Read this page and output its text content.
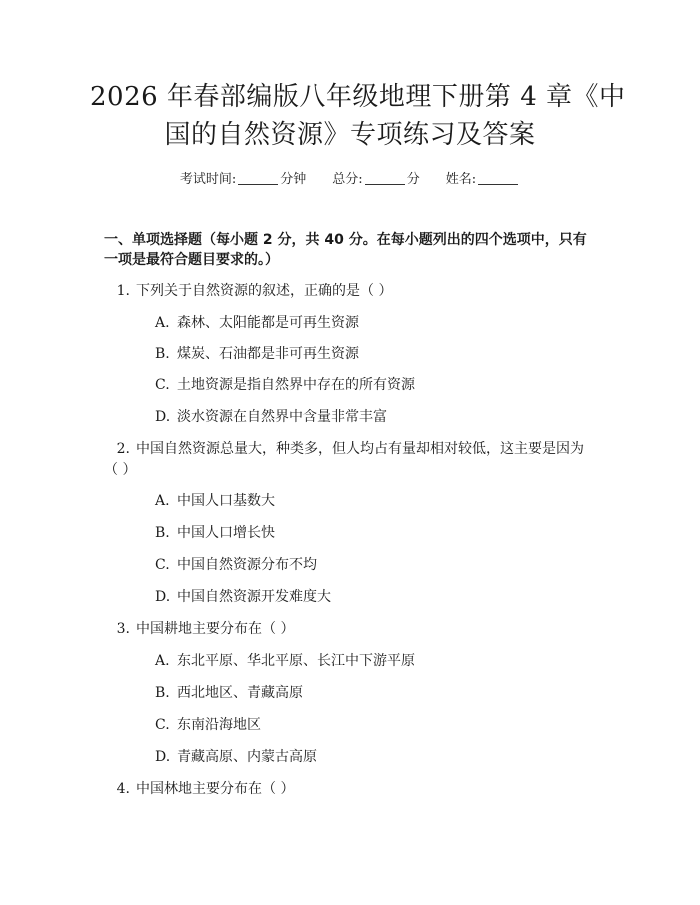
2026 年春部编版八年级地理下册第 4 章《中
国的自然资源》专项练习及答案
考试时间:	分钟 总分:	分 姓名:
一、单项选择题（每小题 2 分，共 40 分。在每小题列出的四个选项中，只有一项是最符合题目要求的。）
1. 下列关于自然资源的叙述，正确的是（ ）
A. 森林、太阳能都是可再生资源
B. 煤炭、石油都是非可再生资源
C. 土地资源是指自然界中存在的所有资源
D. 淡水资源在自然界中含量非常丰富
2. 中国自然资源总量大，种类多，但人均占有量却相对较低，这主要是因为
（ ）
A. 中国人口基数大
B. 中国人口增长快
C. 中国自然资源分布不均
D. 中国自然资源开发难度大
3. 中国耕地主要分布在（ ）
A. 东北平原、华北平原、长江中下游平原
B. 西北地区、青藏高原
C. 东南沿海地区
D. 青藏高原、内蒙古高原
4. 中国林地主要分布在（ ）
